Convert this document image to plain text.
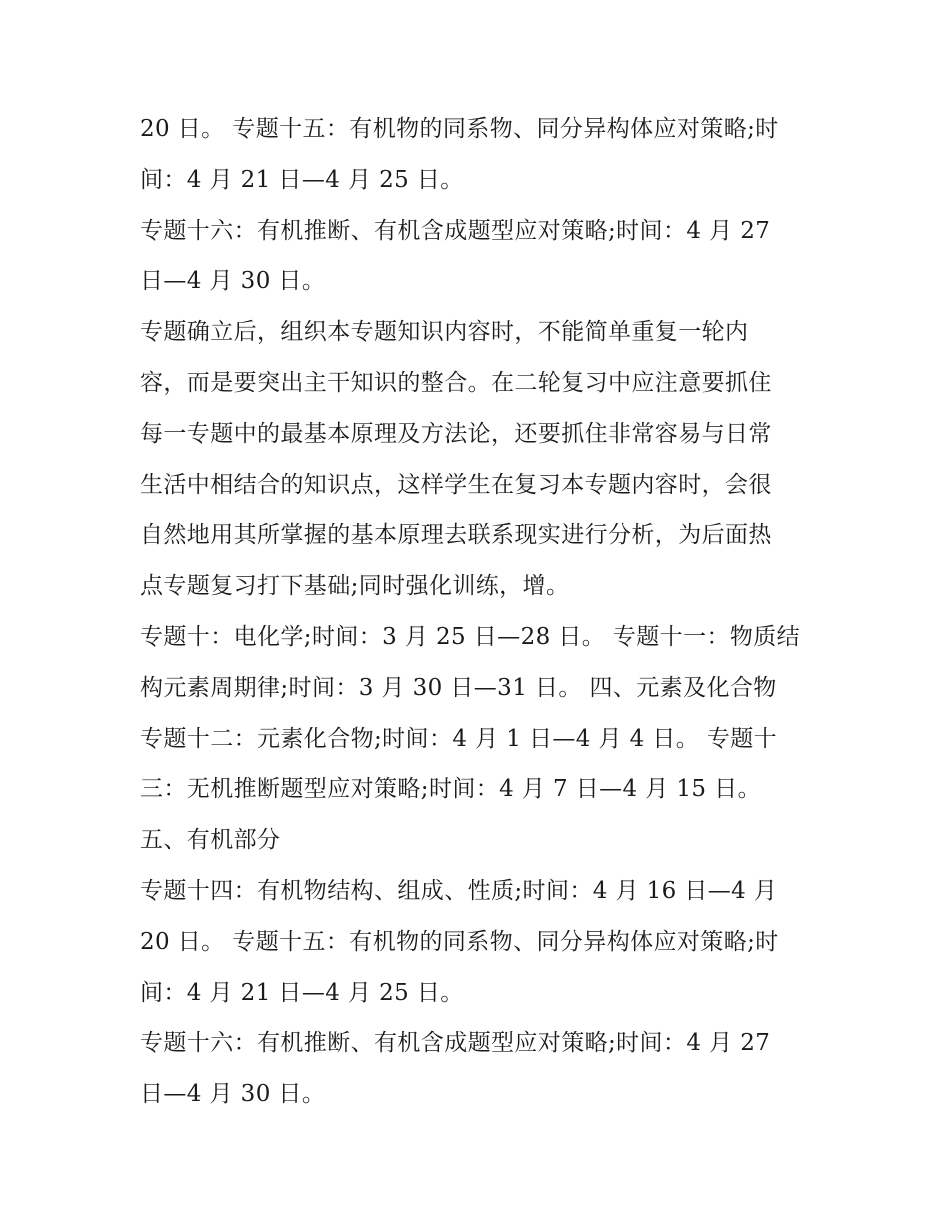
20 日。 专题十五：有机物的同系物、同分异构体应对策略;时
间：4 月 21 日—4 月 25 日。
专题十六：有机推断、有机含成题型应对策略;时间：4 月 27
日—4 月 30 日。
专题确立后，组织本专题知识内容时，不能简单重复一轮内
容，而是要突出主干知识的整合。在二轮复习中应注意要抓住
每一专题中的最基本原理及方法论，还要抓住非常容易与日常
生活中相结合的知识点，这样学生在复习本专题内容时，会很
自然地用其所掌握的基本原理去联系现实进行分析，为后面热
点专题复习打下基础;同时强化训练，增。
专题十：电化学;时间：3 月 25 日—28 日。 专题十一：物质结
构元素周期律;时间：3 月 30 日—31 日。 四、元素及化合物
专题十二：元素化合物;时间：4 月 1 日—4 月 4 日。 专题十
三：无机推断题型应对策略;时间：4 月 7 日—4 月 15 日。
五、有机部分
专题十四：有机物结构、组成、性质;时间：4 月 16 日—4 月
20 日。 专题十五：有机物的同系物、同分异构体应对策略;时
间：4 月 21 日—4 月 25 日。
专题十六：有机推断、有机含成题型应对策略;时间：4 月 27
日—4 月 30 日。
